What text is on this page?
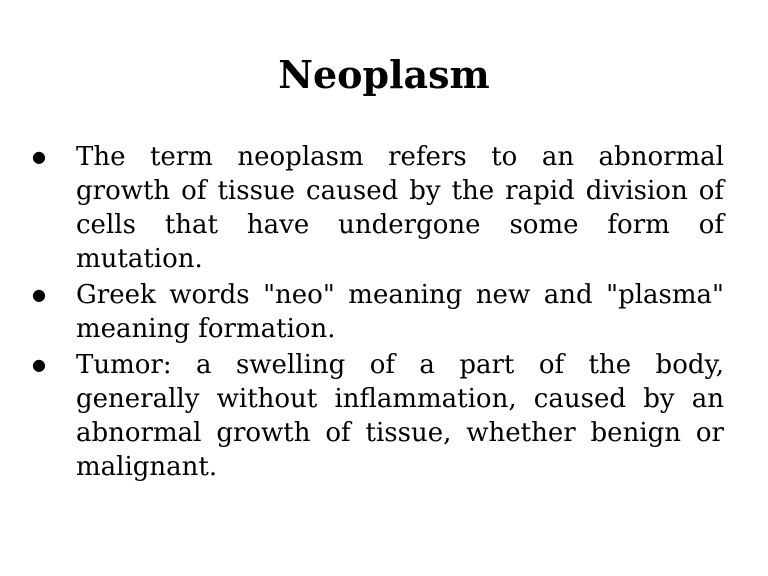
Neoplasm
● The term neoplasm refers to an abnormal growth of tissue caused by the rapid division of cells that have undergone some form of mutation.
● Greek words "neo" meaning new and "plasma" meaning formation.
● Tumor: a swelling of a part of the body, generally without inflammation, caused by an abnormal growth of tissue, whether benign or malignant.
